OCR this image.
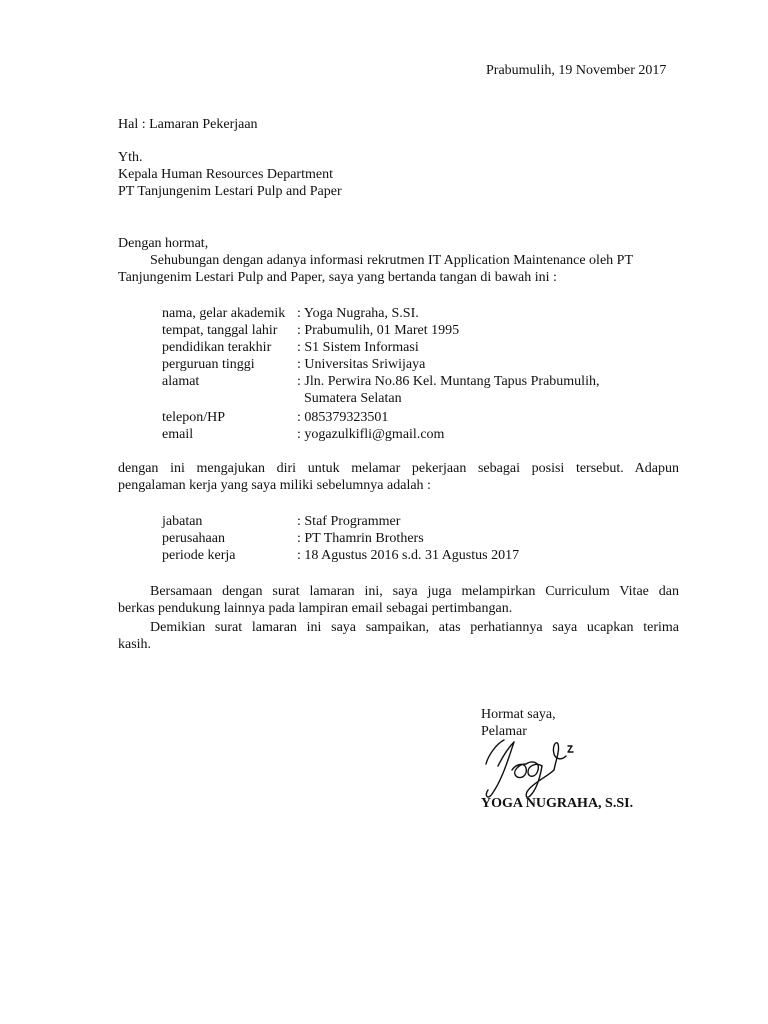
Prabumulih, 19 November 2017
Hal : Lamaran Pekerjaan
Yth.
Kepala Human Resources Department
PT Tanjungenim Lestari Pulp and Paper
Dengan hormat,
Sehubungan dengan adanya informasi rekrutmen IT Application Maintenance oleh PT
Tanjungenim Lestari Pulp and Paper, saya yang bertanda tangan di bawah ini :
nama, gelar akademik : Yoga Nugraha, S.SI.
tempat, tanggal lahir : Prabumulih, 01 Maret 1995
pendidikan terakhir : S1 Sistem Informasi
perguruan tinggi	: Universitas Sriwijaya
alamat	: Jln. Perwira No.86 Kel. Muntang Tapus Prabumulih,
Sumatera Selatan
telepon/HP	: 085379323501
email	: yogazulkifli@gmail.com
dengan ini mengajukan diri untuk melamar pekerjaan sebagai posisi tersebut. Adapun
pengalaman kerja yang saya miliki sebelumnya adalah :
jabatan	: Staf Programmer
perusahaan	: PT Thamrin Brothers
periode kerja	: 18 Agustus 2016 s.d. 31 Agustus 2017
Bersamaan dengan surat lamaran ini, saya juga melampirkan Curriculum Vitae dan
berkas pendukung lainnya pada lampiran email sebagai pertimbangan.
Demikian surat lamaran ini saya sampaikan, atas perhatiannya saya ucapkan terima
kasih.
Hormat saya,
Pelamar
YOGA NUGRAHA, S.SI.
